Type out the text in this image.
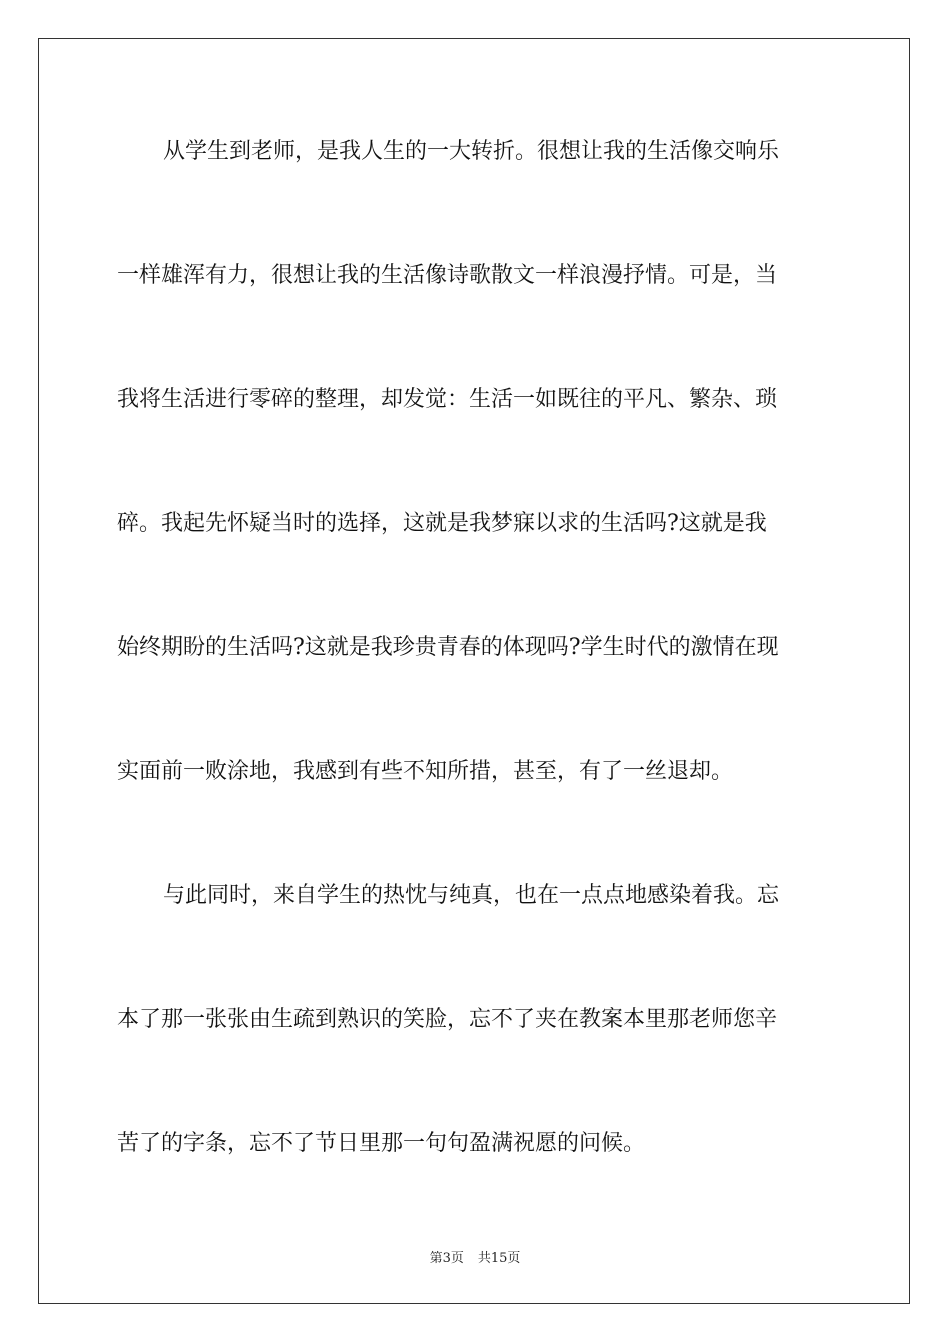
从学生到老师，是我人生的一大转折。很想让我的生活像交响乐
一样雄浑有力，很想让我的生活像诗歌散文一样浪漫抒情。可是，当
我将生活进行零碎的整理，却发觉：生活一如既往的平凡、繁杂、琐
碎。我起先怀疑当时的选择，这就是我梦寐以求的生活吗?这就是我
始终期盼的生活吗?这就是我珍贵青春的体现吗?学生时代的激情在现
实面前一败涂地，我感到有些不知所措，甚至，有了一丝退却。
与此同时，来自学生的热忱与纯真，也在一点点地感染着我。忘
本了那一张张由生疏到熟识的笑脸，忘不了夹在教案本里那老师您辛
苦了的字条，忘不了节日里那一句句盈满祝愿的问候。
第3页 共15页
